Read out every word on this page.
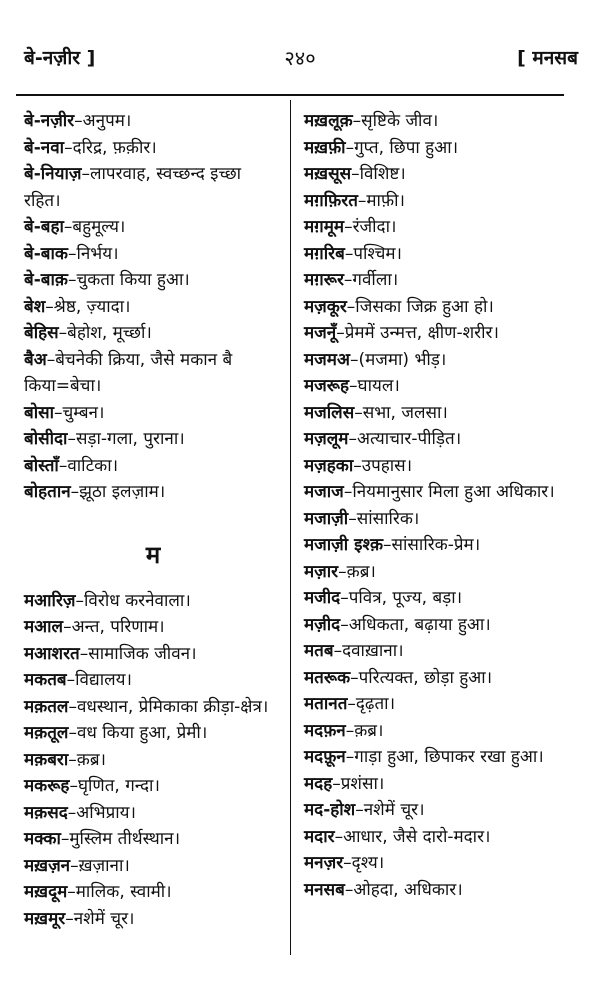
बे-नज़ीर ]	२४०	[ मनसब

बे-नज़ीर–अनुपम।

बे-नवा–दरिद्र, फ़क़ीर।

बे-नियाज़–लापरवाह, स्वच्छन्द इच्छा रहित।

बे-बहा–बहुमूल्य।

बे-बाक–निर्भय।

बे-बाक़–चुकता किया हुआ।

बेश–श्रेष्ठ, ज़्यादा।

बेहिस–बेहोश, मूर्च्छा।

बैअ–बेचनेकी क्रिया, जैसे मकान बै किया=बेचा।

बोसा–चुम्बन।

बोसीदा–सड़ा-गला, पुराना।

बोस्ताँ–वाटिका।

बोहतान–झूठा इलज़ाम।

म

मआरिज़–विरोध करनेवाला।

मआल–अन्त, परिणाम।

मआशरत–सामाजिक जीवन।

मकतब–विद्यालय।

मक़तल–वधस्थान, प्रेमिकाका क्रीड़ा-क्षेत्र।

मक़तूल–वध किया हुआ, प्रेमी।

मक़बरा–क़ब्र।

मकरूह–घृणित, गन्दा।

मक़सद–अभिप्राय।

मक्का–मुस्लिम तीर्थस्थान।

मख़ज़न–ख़ज़ाना।

मख़दूम–मालिक, स्वामी।

मख़मूर–नशेमें चूर।

मख़लूक़–सृष्टिके जीव।

मख़फ़ी–गुप्त, छिपा हुआ।

मख़सूस–विशिष्ट।

मग़फ़िरत–माफ़ी।

मग़मूम–रंजीदा।

मग़रिब–पश्चिम।

मग़रूर–गर्वीला।

मज़कूर–जिसका जिक्र हुआ हो।

मजनूँ–प्रेममें उन्मत्त, क्षीण-शरीर।

मजमअ–(मजमा) भीड़।

मजरूह–घायल।

मजलिस–सभा, जलसा।

मज़लूम–अत्याचार-पीड़ित।

मज़हका–उपहास।

मजाज–नियमानुसार मिला हुआ अधिकार।

मजाज़ी–सांसारिक।

मजाज़ी इश्क़–सांसारिक-प्रेम।

मज़ार–क़ब्र।

मजीद–पवित्र, पूज्य, बड़ा।

मज़ीद–अधिकता, बढ़ाया हुआ।

मतब–दवाख़ाना।

मतरूक–परित्यक्त, छोड़ा हुआ।

मतानत–दृढ़ता।

मदफ़न–क़ब्र।

मदफ़ून–गाड़ा हुआ, छिपाकर रखा हुआ।

मदह–प्रशंसा।

मद-होश–नशेमें चूर।

मदार–आधार, जैसे दारो-मदार।

मनज़र–दृश्य।

मनसब–ओहदा, अधिकार।
